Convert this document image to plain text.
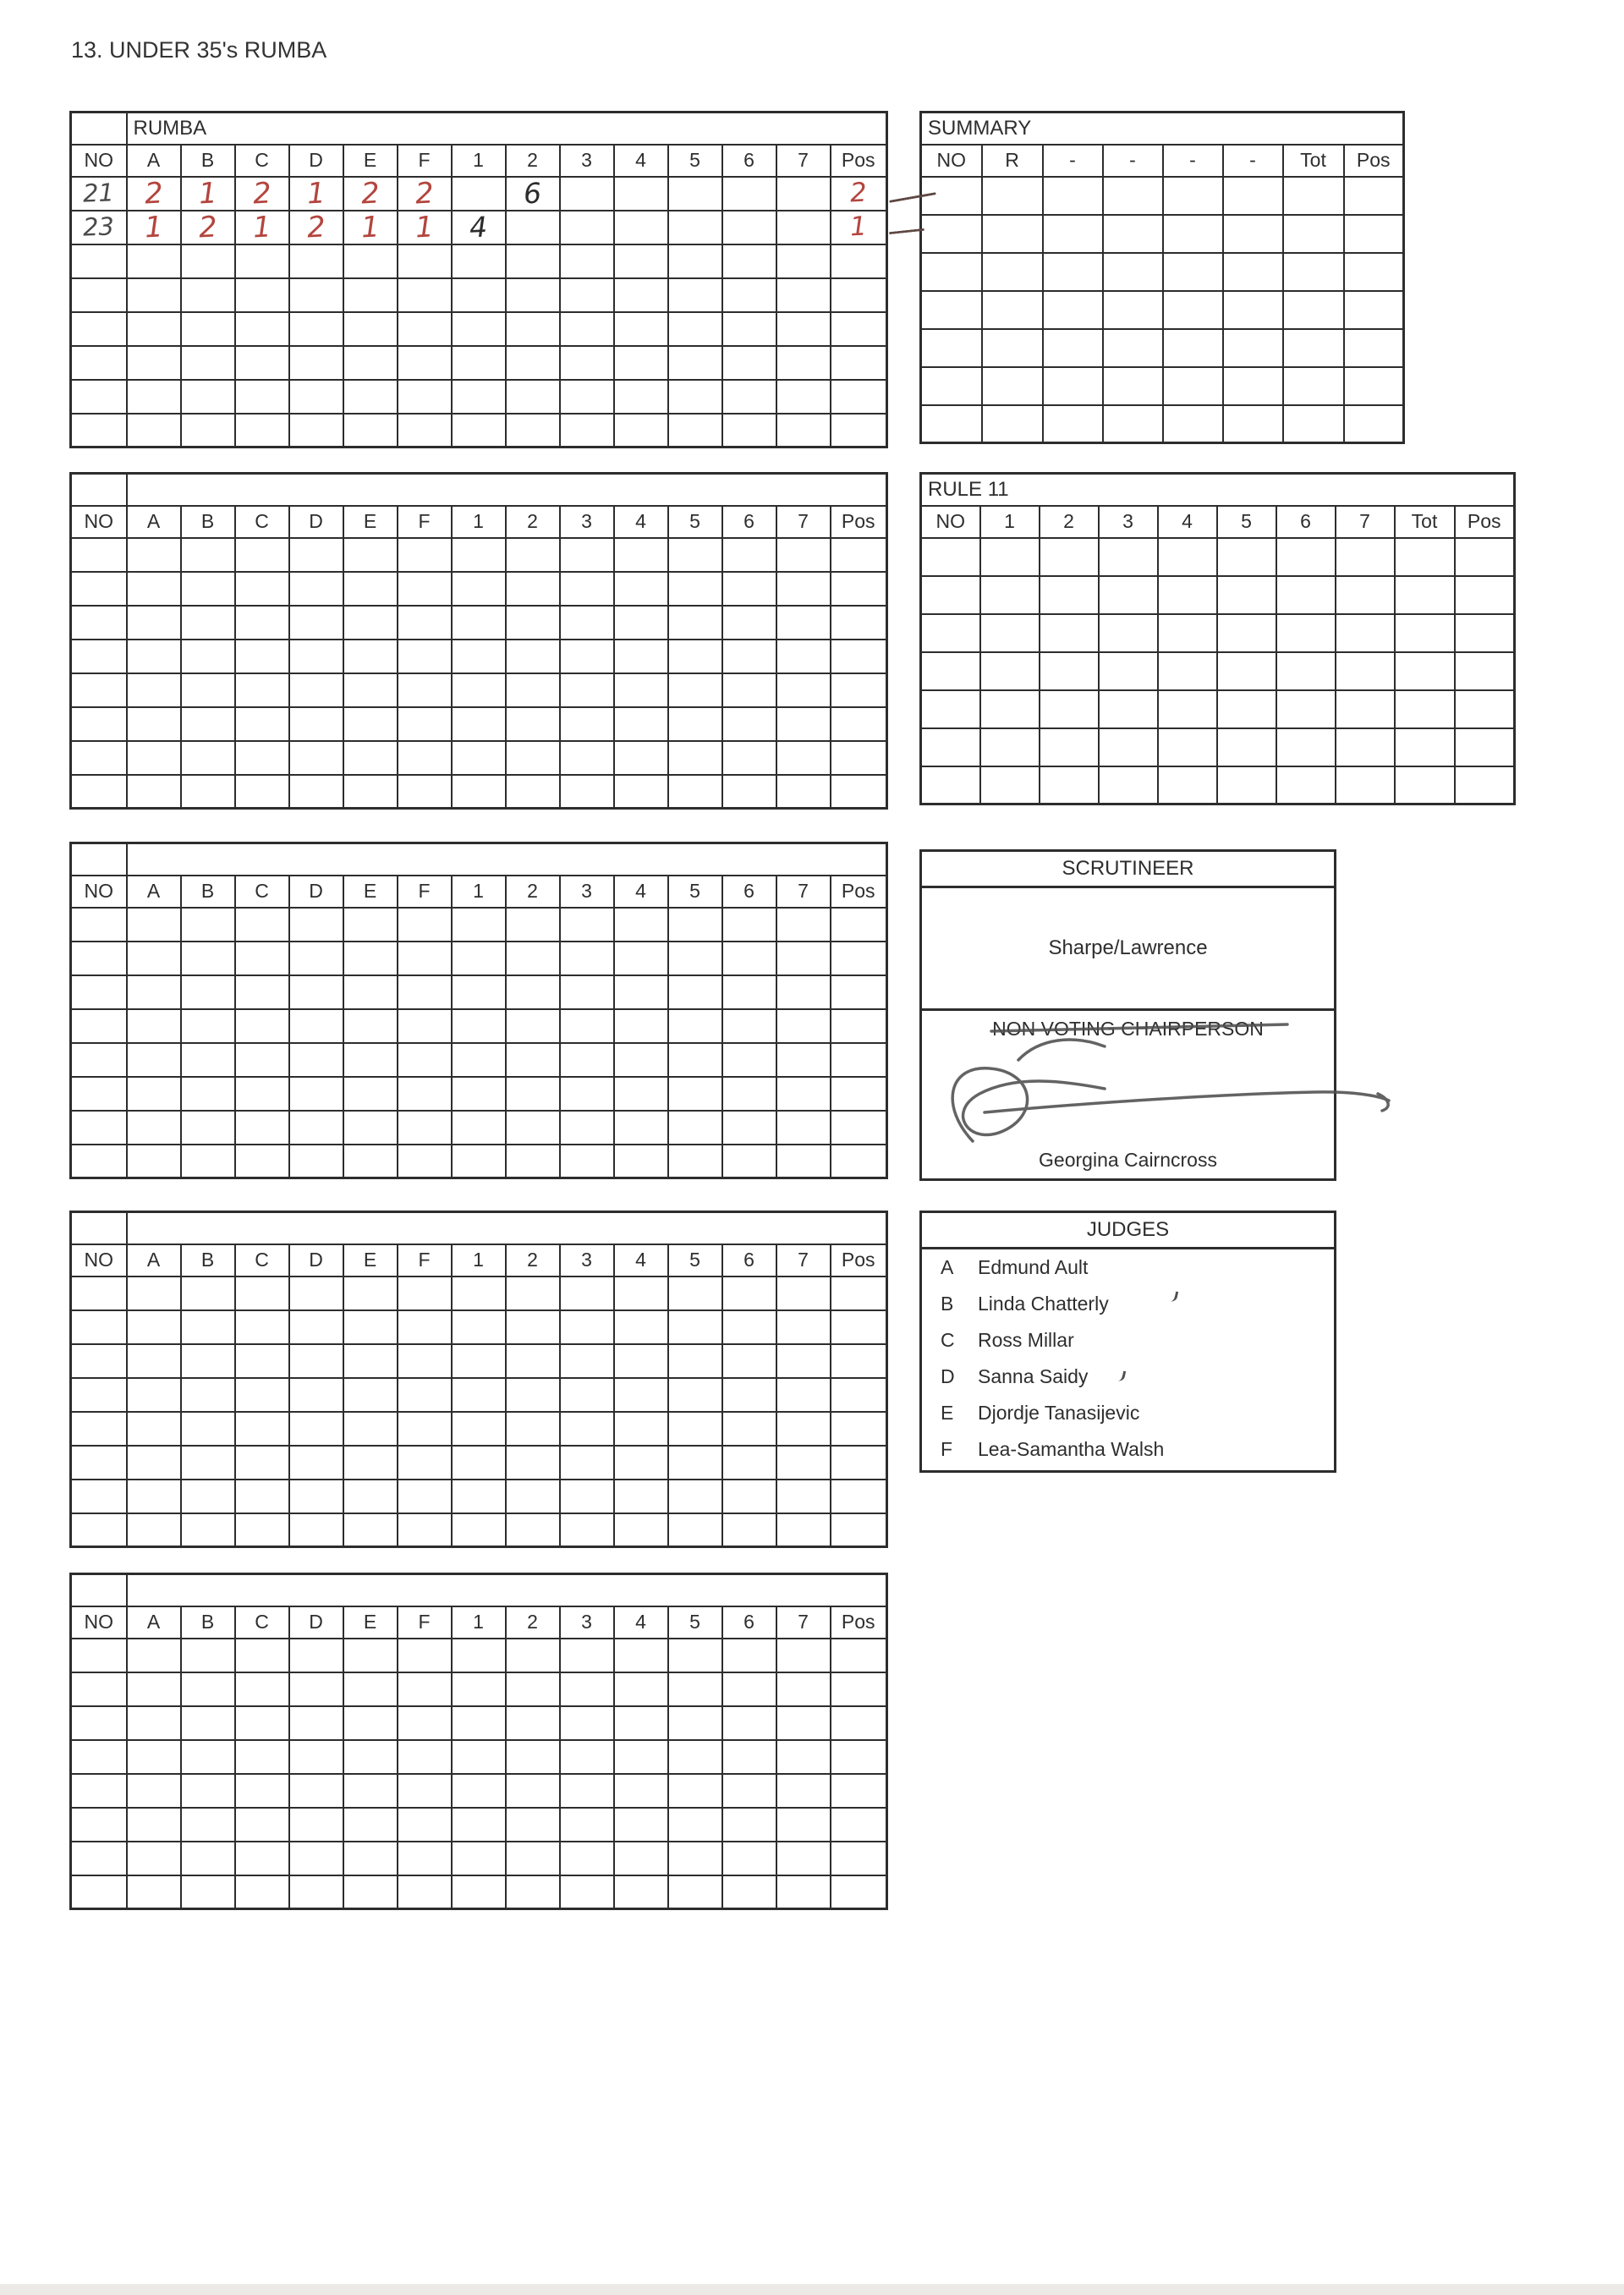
13. UNDER 35's RUMBA
	RUMBA													
NO	A	B	C	D	E	F	1	2	3	4	5	6	7	Pos
21	2	1	2	1	2	2		6						2
23	1	2	1	2	1	1	4							1

SUMMARY							
NO	R	-	-	-	-	Tot	Pos

NO	A	B	C	D	E	F	1	2	3	4	5	6	7	Pos

RULE 11									
NO	1	2	3	4	5	6	7	Tot	Pos

NO	A	B	C	D	E	F	1	2	3	4	5	6	7	Pos

NO	A	B	C	D	E	F	1	2	3	4	5	6	7	Pos

NO	A	B	C	D	E	F	1	2	3	4	5	6	7	Pos

SCRUTINEER
Sharpe/Lawrence
NON VOTING CHAIRPERSON
Georgina Cairncross
JUDGES
A	Edmund Ault
B	Linda Chatterly
C	Ross Millar
D	Sanna Saidy
E	Djordje Tanasijevic
F	Lea-Samantha Walsh
